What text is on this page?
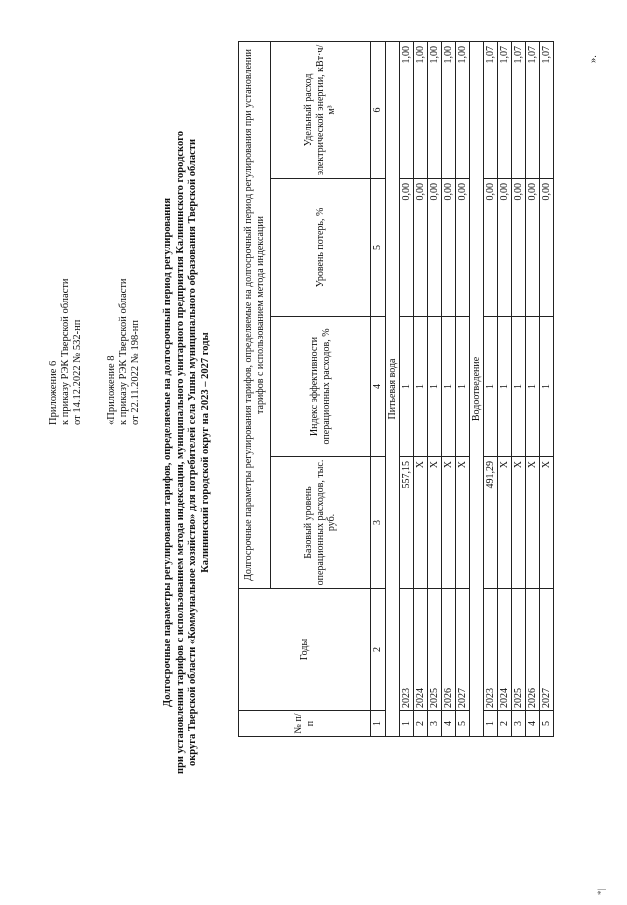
Приложение 6 к приказу РЭК Тверской области от 14.12.2022 № 532-нп «Приложение 8 к приказу РЭК Тверской области от 22.11.2022 № 198-нп Долгосрочные параметры регулирования тарифов, определяемые на долгосрочный период регулирования при установлении тарифов с использованием метода индексации, муниципального унитарного предприятия Калининского городского округа Тверской области «Коммунальное хозяйство» для потребителей села Ушны муниципального образования Тверской области Калининский городской округ на 2023 – 2027 годы
№ п/п	Годы	Долгосрочные параметры регулирования тарифов, определяемые на долгосрочный период регулирования при установлении тарифов с использованием метода индексации			
		Базовый уровень операционных расходов, тыс. руб.	Индекс эффективности операционных расходов, %	Уровень потерь, %	Удельный расход электрической энергии, кВт·ч/м³
1	2	3	4	5	6
Питьевая вода					
1	2023	557,15	1	0,00	1,00
2	2024	Х	1	0,00	1,00
3	2025	Х	1	0,00	1,00
4	2026	Х	1	0,00	1,00
5	2027	Х	1	0,00	1,00
Водоотведение					
1	2023	491,29	1	0,00	1,07
2	2024	Х	1	0,00	1,07
3	2025	Х	1	0,00	1,07
4	2026	Х	1	0,00	1,07
5	2027	Х	1	0,00	1,07	».
*|
